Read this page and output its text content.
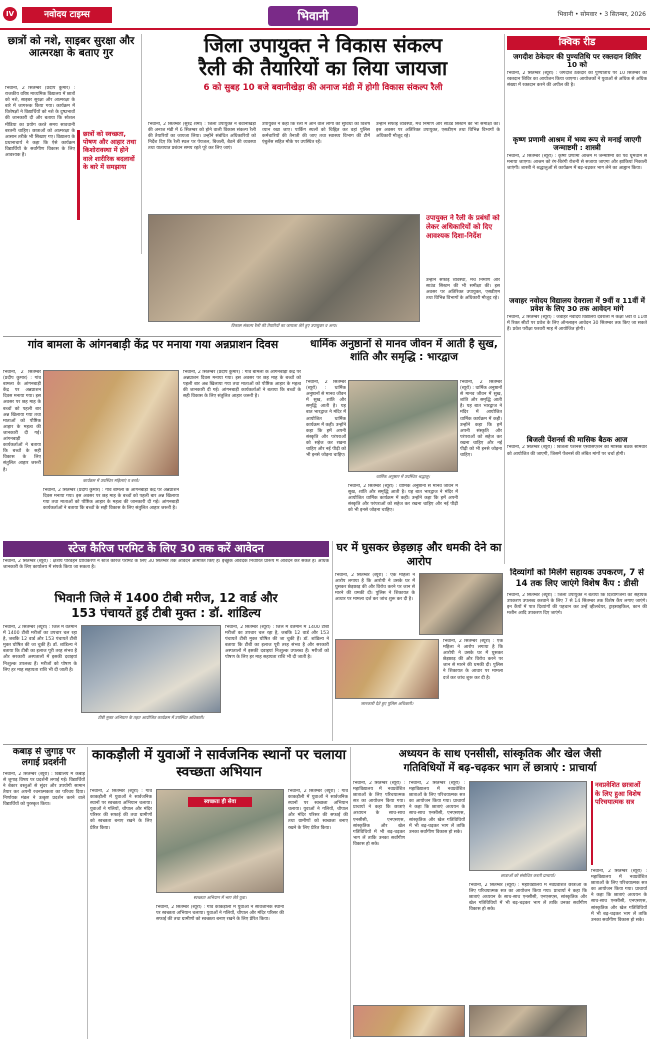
IV	नवोदय टाइम्स	भिवानी	भिवानी • सोमवार • 3 सितम्बर, 2026
छात्रों को नशे, साइबर सुरक्षा और आत्मरक्षा के बताए गुर
छात्रों को स्वच्छता, पोषण और आहार तथा किशोरावस्था में होने वाले शारीरिक बदलावों के बारे में समझाया
भिवानी, 2 सितम्बर (प्रदीप कुमार) : राजकीय वरिष्ठ माध्यमिक विद्यालय में छात्रों को नशे, साइबर सुरक्षा और आत्मरक्षा के बारे में जागरूक किया गया। कार्यक्रम में विशेषज्ञों ने विद्यार्थियों को नशे के दुष्प्रभावों की जानकारी दी और बताया कि सोशल मीडिया का प्रयोग करते समय सावधानी बरतनी चाहिए। छात्राओं को आत्मरक्षा के आसान तरीके भी सिखाए गए। विद्यालय के प्रधानाचार्य ने कहा कि ऐसे कार्यक्रम विद्यार्थियों के सर्वांगीण विकास के लिए आवश्यक हैं।
जिला उपायुक्त ने विकास संकल्प
रैली की तैयारियों का लिया जायजा
6 को सुबह 10 बजे बवानीखेड़ा की अनाज मंडी में होगी विकास संकल्प रैली
भिवानी, 2 सितम्बर (सुरेंद्र शर्मा) : जिला उपायुक्त ने बवानीखेड़ा की अनाज मंडी में 6 सितम्बर को होने वाली विकास संकल्प रैली की तैयारियों का जायजा लिया। उन्होंने संबंधित अधिकारियों को निर्देश दिए कि रैली स्थल पर पेयजल, बिजली, बैठने की व्यवस्था तथा यातायात प्रबंधन समय रहते पूरे कर लिए जाएं।
उपायुक्त ने कहा कि रैली में आने वाले लोगों की सुविधा का विशेष ध्यान रखा जाए। पार्किंग स्थलों को चिह्नित कर वहां पुलिस कर्मचारियों की तैनाती की जाए तथा स्वास्थ्य विभाग की टीमें एंबुलेंस सहित मौके पर उपस्थित रहें।
उन्होंने सफाई व्यवस्था, मंच निर्माण और साउंड सिस्टम की भी समीक्षा की। इस अवसर पर अतिरिक्त उपायुक्त, एसडीएम तथा विभिन्न विभागों के अधिकारी मौजूद रहे।
उपायुक्त ने रैली के प्रबंधों को लेकर अधिकारियों को दिए आवश्यक दिशा-निर्देश
उन्होंने सफाई व्यवस्था, मंच निर्माण और साउंड सिस्टम की भी समीक्षा की। इस अवसर पर अतिरिक्त उपायुक्त, एसडीएम तथा विभिन्न विभागों के अधिकारी मौजूद रहे।
विकास संकल्प रैली की तैयारियों का जायजा लेते हुए उपायुक्त व अन्य।
क्विक रीड
जगदीश ठेकेदार की पुण्यतिथि पर रक्तदान शिविर 10 को
भिवानी, 2 सितम्बर (ब्यूरो) : जगदीश ठेकेदार की पुण्यतिथि पर 10 सितम्बर को रक्तदान शिविर का आयोजन किया जाएगा। आयोजकों ने युवाओं से अधिक से अधिक संख्या में रक्तदान करने की अपील की है।
कृष्ण प्रणामी आश्रम में भव्य रूप से मनाई जाएगी जन्माष्टमी : शास्त्री
भिवानी, 2 सितम्बर (ब्यूरो) : कृष्ण प्रणामी आश्रम में जन्माष्टमी का पर्व धूमधाम से मनाया जाएगा। आश्रम को रंग-बिरंगी रोशनी से सजाया जाएगा और झांकियां निकाली जाएंगी। शास्त्री ने श्रद्धालुओं से कार्यक्रम में बढ़-चढ़कर भाग लेने का आह्वान किया।
जवाहर नवोदय विद्यालय देवराला में 9वीं व 11वीं में प्रवेश के लिए 30 तक आवेदन मांगे
भिवानी, 2 सितम्बर (ब्यूरो) : जवाहर नवोदय विद्यालय देवराला में कक्षा 9वीं व 11वीं में रिक्त सीटों पर प्रवेश के लिए ऑनलाइन आवेदन 30 सितम्बर तक किए जा सकते हैं। प्रवेश परीक्षा फरवरी माह में आयोजित होगी।
बिजली पेंशनर्स की मासिक बैठक आज
भिवानी, 2 सितम्बर (ब्यूरो) : बिजली पेंशनर्स एसोसिएशन की मासिक बैठक सोमवार को आयोजित की जाएगी, जिसमें पेंशनर्स की लंबित मांगों पर चर्चा होगी।
गांव बामला के आंगनबाड़ी केंद्र पर मनाया गया अन्नप्राशन दिवस
भिवानी, 2 सितम्बर (प्रदीप कुमार) : गांव बामला के आंगनबाड़ी केंद्र पर अन्नप्राशन दिवस मनाया गया। इस अवसर पर छह माह के बच्चों को पहली बार अन्न खिलाया गया तथा माताओं को पौष्टिक आहार के महत्व की जानकारी दी गई। आंगनबाड़ी कार्यकर्ताओं ने बताया कि बच्चों के सही विकास के लिए संतुलित आहार जरूरी है।
भिवानी, 2 सितम्बर (प्रदीप कुमार) : गांव बामला के आंगनबाड़ी केंद्र पर अन्नप्राशन दिवस मनाया गया। इस अवसर पर छह माह के बच्चों को पहली बार अन्न खिलाया गया तथा माताओं को पौष्टिक आहार के महत्व की जानकारी दी गई। आंगनबाड़ी कार्यकर्ताओं ने बताया कि बच्चों के सही विकास के लिए संतुलित आहार जरूरी है।
कार्यक्रम में उपस्थित महिलाएं व बच्चे।
भिवानी, 2 सितम्बर (प्रदीप कुमार) : गांव बामला के आंगनबाड़ी केंद्र पर अन्नप्राशन दिवस मनाया गया। इस अवसर पर छह माह के बच्चों को पहली बार अन्न खिलाया गया तथा माताओं को पौष्टिक आहार के महत्व की जानकारी दी गई। आंगनबाड़ी कार्यकर्ताओं ने बताया कि बच्चों के सही विकास के लिए संतुलित आहार जरूरी है।
धार्मिक अनुष्ठानों से मानव जीवन में आती है सुख, शांति और समृद्धि : भारद्वाज
भिवानी, 2 सितम्बर (ब्यूरो) : धार्मिक अनुष्ठानों से मानव जीवन में सुख, शांति और समृद्धि आती है। यह बात भारद्वाज ने मंदिर में आयोजित धार्मिक कार्यक्रम में कही। उन्होंने कहा कि हमें अपनी संस्कृति और परंपराओं को सहेज कर रखना चाहिए और नई पीढ़ी को भी इनसे जोड़ना चाहिए।
भिवानी, 2 सितम्बर (ब्यूरो) : धार्मिक अनुष्ठानों से मानव जीवन में सुख, शांति और समृद्धि आती है। यह बात भारद्वाज ने मंदिर में आयोजित धार्मिक कार्यक्रम में कही। उन्होंने कहा कि हमें अपनी संस्कृति और परंपराओं को सहेज कर रखना चाहिए और नई पीढ़ी को भी इनसे जोड़ना चाहिए।
धार्मिक अनुष्ठान में उपस्थित श्रद्धालु।
भिवानी, 2 सितम्बर (ब्यूरो) : धार्मिक अनुष्ठानों से मानव जीवन में सुख, शांति और समृद्धि आती है। यह बात भारद्वाज ने मंदिर में आयोजित धार्मिक कार्यक्रम में कही। उन्होंने कहा कि हमें अपनी संस्कृति और परंपराओं को सहेज कर रखना चाहिए और नई पीढ़ी को भी इनसे जोड़ना चाहिए।
स्टेज कैरिज परमिट के लिए 30 तक करें आवेदन
भिवानी, 2 सितम्बर (ब्यूरो) : क्षेत्रीय परिवहन प्राधिकरण ने स्टेज कैरिज परमिट के लिए 30 सितम्बर तक आवेदन आमंत्रित किए हैं। इच्छुक आवेदक निर्धारित प्रारूप में आवेदन कर सकते हैं। अधिक जानकारी के लिए कार्यालय में संपर्क किया जा सकता है।
भिवानी जिले में 1400 टीबी मरीज, 12 वार्ड और
153 पंचायतें हुईं टीबी मुक्त : डॉ. शांडिल्य
भिवानी, 2 सितम्बर (ब्यूरो) : जिले में वर्तमान में 1400 टीबी मरीजों का उपचार चल रहा है, जबकि 12 वार्ड और 153 पंचायतें टीबी मुक्त घोषित की जा चुकी हैं। डॉ. शांडिल्य ने बताया कि टीबी का इलाज पूरी तरह संभव है और सरकारी अस्पतालों में इसकी दवाइयां निःशुल्क उपलब्ध हैं। मरीजों को पोषण के लिए हर माह सहायता राशि भी दी जाती है।
टीबी मुक्त अभियान के तहत आयोजित कार्यक्रम में उपस्थित अधिकारी।
भिवानी, 2 सितम्बर (ब्यूरो) : जिले में वर्तमान में 1400 टीबी मरीजों का उपचार चल रहा है, जबकि 12 वार्ड और 153 पंचायतें टीबी मुक्त घोषित की जा चुकी हैं। डॉ. शांडिल्य ने बताया कि टीबी का इलाज पूरी तरह संभव है और सरकारी अस्पतालों में इसकी दवाइयां निःशुल्क उपलब्ध हैं। मरीजों को पोषण के लिए हर माह सहायता राशि भी दी जाती है।
घर में घुसकर छेड़छाड़ और धमकी देने का आरोप
भिवानी, 2 सितम्बर (ब्यूरो) : एक महिला ने आरोप लगाया है कि आरोपी ने उसके घर में घुसकर छेड़छाड़ की और विरोध करने पर जान से मारने की धमकी दी। पुलिस ने शिकायत के आधार पर मामला दर्ज कर जांच शुरू कर दी है।
जानकारी देते हुए पुलिस अधिकारी।
भिवानी, 2 सितम्बर (ब्यूरो) : एक महिला ने आरोप लगाया है कि आरोपी ने उसके घर में घुसकर छेड़छाड़ की और विरोध करने पर जान से मारने की धमकी दी। पुलिस ने शिकायत के आधार पर मामला दर्ज कर जांच शुरू कर दी है।
दिव्यांगों को मिलेंगे सहायक उपकरण, 7 से 14 तक लिए जाएंगे विशेष कैंप : डीसी
भिवानी, 2 सितम्बर (ब्यूरो) : जिला उपायुक्त ने बताया कि दिव्यांगजनों को सहायक उपकरण उपलब्ध करवाने के लिए 7 से 14 सितम्बर तक विशेष कैंप लगाए जाएंगे। इन कैंपों में पात्र दिव्यांगों की पहचान कर उन्हें व्हीलचेयर, ट्राइसाइकिल, कान की मशीन आदि उपकरण दिए जाएंगे।
कबाड़ से जुगाड़ पर लगाई प्रदर्शनी
भिवानी, 2 सितम्बर (ब्यूरो) : विद्यालय में कबाड़ से जुगाड़ विषय पर प्रदर्शनी लगाई गई। विद्यार्थियों ने बेकार वस्तुओं से सुंदर और उपयोगी सामान तैयार कर अपनी रचनात्मकता का परिचय दिया। निर्णायक मंडल ने उत्कृष्ट प्रदर्शन करने वाले विद्यार्थियों को पुरस्कृत किया।
काकड़ौली में युवाओं ने सार्वजनिक स्थानों पर चलाया स्वच्छता अभियान
भिवानी, 2 सितम्बर (ब्यूरो) : गांव काकड़ौली में युवाओं ने सार्वजनिक स्थानों पर स्वच्छता अभियान चलाया। युवाओं ने गलियों, चौपाल और मंदिर परिसर की सफाई की तथा ग्रामीणों को स्वच्छता बनाए रखने के लिए प्रेरित किया।
स्वच्छता ही सेवा
स्वच्छता अभियान में भाग लेते युवा।
भिवानी, 2 सितम्बर (ब्यूरो) : गांव काकड़ौली में युवाओं ने सार्वजनिक स्थानों पर स्वच्छता अभियान चलाया। युवाओं ने गलियों, चौपाल और मंदिर परिसर की सफाई की तथा ग्रामीणों को स्वच्छता बनाए रखने के लिए प्रेरित किया।
भिवानी, 2 सितम्बर (ब्यूरो) : गांव काकड़ौली में युवाओं ने सार्वजनिक स्थानों पर स्वच्छता अभियान चलाया। युवाओं ने गलियों, चौपाल और मंदिर परिसर की सफाई की तथा ग्रामीणों को स्वच्छता बनाए रखने के लिए प्रेरित किया।
अध्ययन के साथ एनसीसी, सांस्कृतिक और खेल जैसी
गतिविधियों में बढ़-चढ़कर भाग लें छात्राएं : प्राचार्या
भिवानी, 2 सितम्बर (ब्यूरो) : महाविद्यालय में नवप्रवेशित छात्राओं के लिए परिचयात्मक सत्र का आयोजन किया गया। प्राचार्या ने कहा कि छात्राएं अध्ययन के साथ-साथ एनसीसी, एनएसएस, सांस्कृतिक और खेल गतिविधियों में भी बढ़-चढ़कर भाग लें ताकि उनका सर्वांगीण विकास हो सके।
भिवानी, 2 सितम्बर (ब्यूरो) : महाविद्यालय में नवप्रवेशित छात्राओं के लिए परिचयात्मक सत्र का आयोजन किया गया। प्राचार्या ने कहा कि छात्राएं अध्ययन के साथ-साथ एनसीसी, एनएसएस, सांस्कृतिक और खेल गतिविधियों में भी बढ़-चढ़कर भाग लें ताकि उनका सर्वांगीण विकास हो सके।
छात्राओं को संबोधित करती प्राचार्या।
भिवानी, 2 सितम्बर (ब्यूरो) : महाविद्यालय में नवप्रवेशित छात्राओं के लिए परिचयात्मक सत्र का आयोजन किया गया। प्राचार्या ने कहा कि छात्राएं अध्ययन के साथ-साथ एनसीसी, एनएसएस, सांस्कृतिक और खेल गतिविधियों में भी बढ़-चढ़कर भाग लें ताकि उनका सर्वांगीण विकास हो सके।
नवप्रवेशित छात्राओं के लिए हुआ विशेष परिचयात्मक सत्र
भिवानी, 2 सितम्बर (ब्यूरो) : महाविद्यालय में नवप्रवेशित छात्राओं के लिए परिचयात्मक सत्र का आयोजन किया गया। प्राचार्या ने कहा कि छात्राएं अध्ययन के साथ-साथ एनसीसी, एनएसएस, सांस्कृतिक और खेल गतिविधियों में भी बढ़-चढ़कर भाग लें ताकि उनका सर्वांगीण विकास हो सके।
